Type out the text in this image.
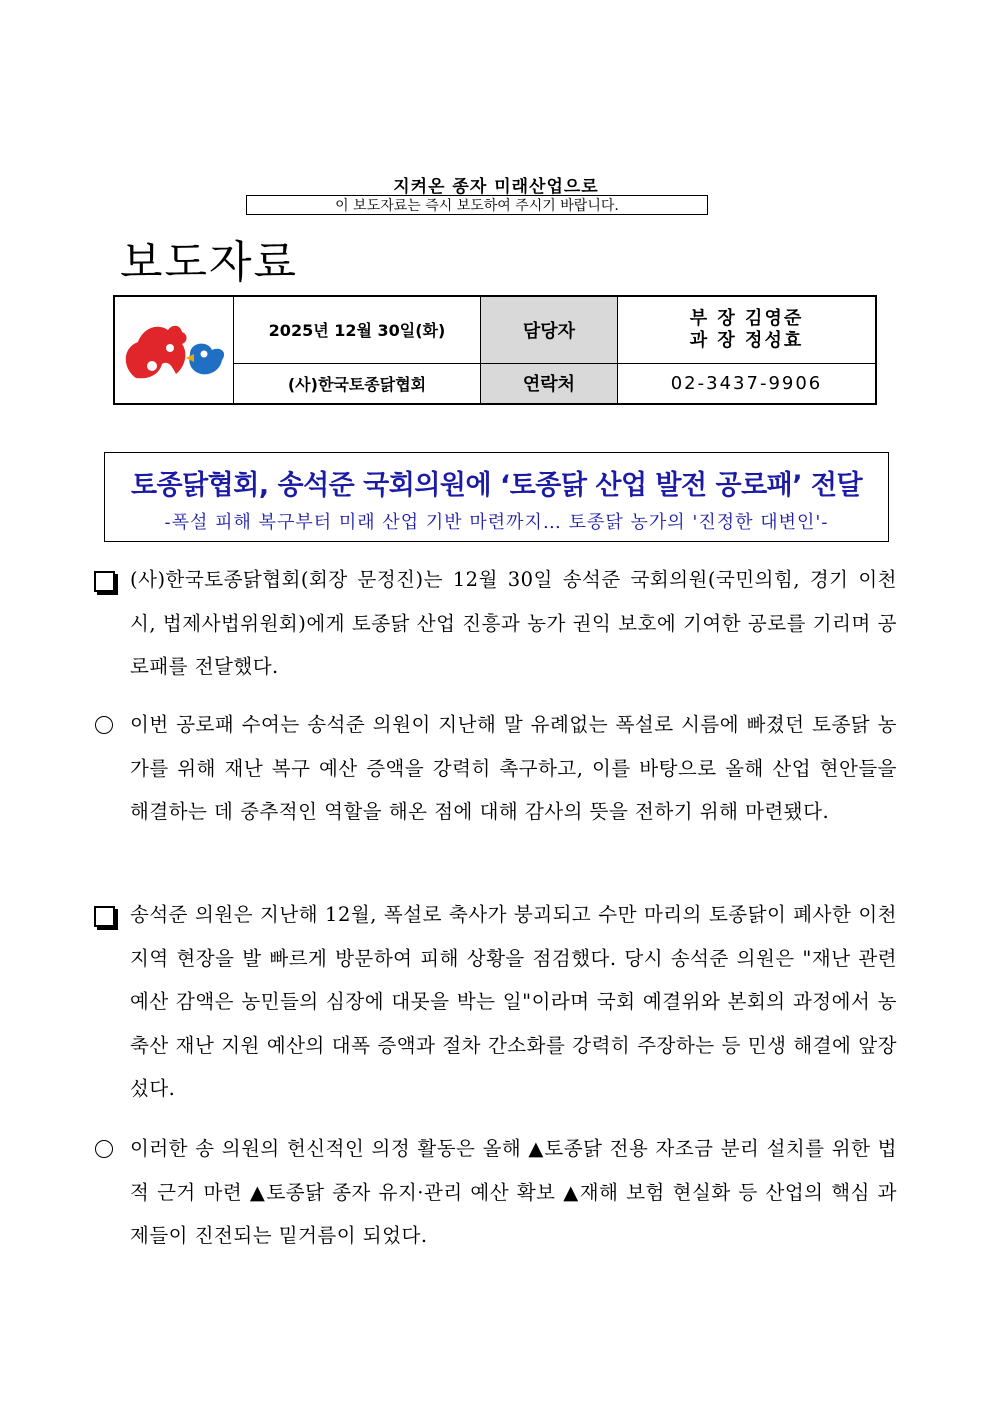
지켜온 종자 미래산업으로
이 보도자료는 즉시 보도하여 주시기 바랍니다.
보도자료
	2025년 12월 30일(화)	담당자	부 장 김영준
과 장 정성효

	(사)한국토종닭협회	연락처	02-3437-9906
토종닭협회, 송석준 국회의원에 ‘토종닭 산업 발전 공로패’ 전달
-폭설 피해 복구부터 미래 산업 기반 마련까지… 토종닭 농가의 '진정한 대변인'-
(사)한국토종닭협회(회장 문정진)는 12월 30일 송석준 국회의원(국민의힘, 경기 이천시, 법제사법위원회)에게 토종닭 산업 진흥과 농가 권익 보호에 기여한 공로를 기리며 공로패를 전달했다.
이번 공로패 수여는 송석준 의원이 지난해 말 유례없는 폭설로 시름에 빠졌던 토종닭 농가를 위해 재난 복구 예산 증액을 강력히 촉구하고, 이를 바탕으로 올해 산업 현안들을 해결하는 데 중추적인 역할을 해온 점에 대해 감사의 뜻을 전하기 위해 마련됐다.
송석준 의원은 지난해 12월, 폭설로 축사가 붕괴되고 수만 마리의 토종닭이 폐사한 이천 지역 현장을 발 빠르게 방문하여 피해 상황을 점검했다. 당시 송석준 의원은 "재난 관련 예산 감액은 농민들의 심장에 대못을 박는 일"이라며 국회 예결위와 본회의 과정에서 농축산 재난 지원 예산의 대폭 증액과 절차 간소화를 강력히 주장하는 등 민생 해결에 앞장섰다.
이러한 송 의원의 헌신적인 의정 활동은 올해 ▲토종닭 전용 자조금 분리 설치를 위한 법적 근거 마련 ▲토종닭 종자 유지·관리 예산 확보 ▲재해 보험 현실화 등 산업의 핵심 과제들이 진전되는 밑거름이 되었다.
